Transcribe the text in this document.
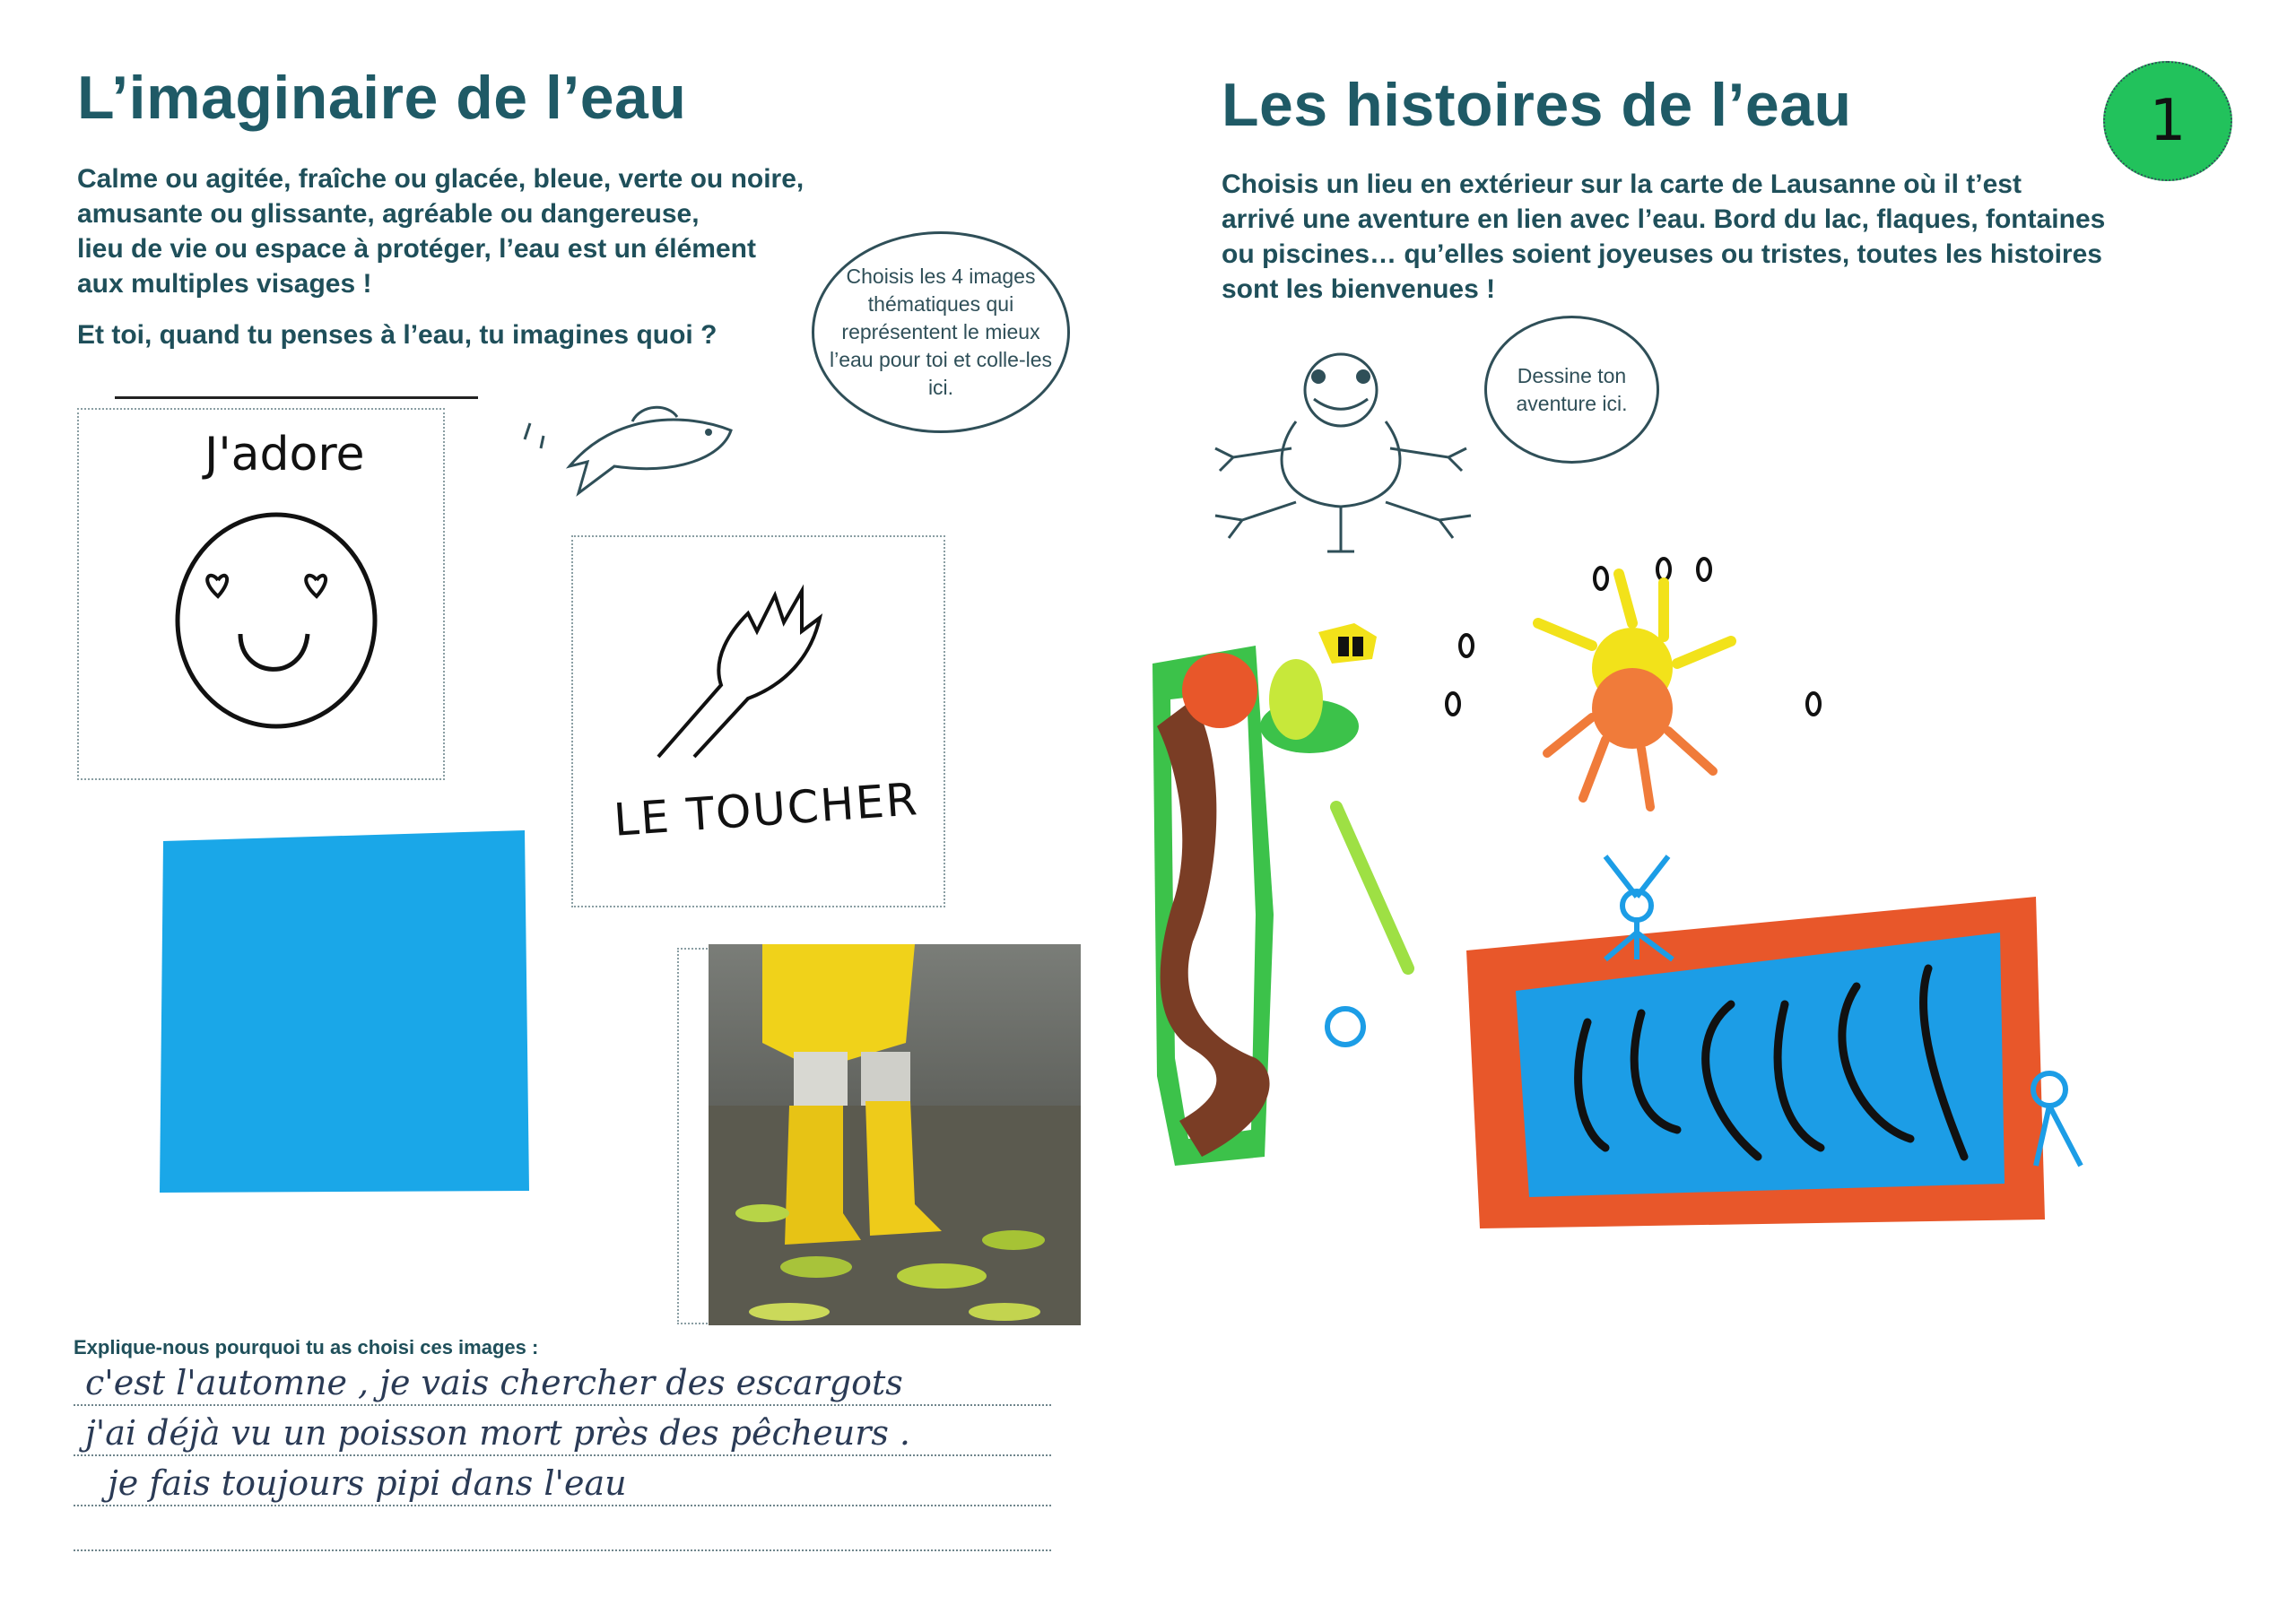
L’imaginaire de l’eau

Calme ou agitée, fraîche ou glacée, bleue, verte ou noire,

amusante ou glissante, agréable ou dangereuse,

lieu de vie ou espace à protéger, l’eau est un élément

aux multiples visages !

Et toi, quand tu penses à l’eau, tu imagines quoi ?

Choisis les 4 images thématiques qui représentent le mieux l’eau pour toi et colle-les ici.
J'adore
LE TOUCHER
Explique-nous pourquoi tu as choisi ces images :
c'est l'automne , je vais chercher des escargots
j'ai déjà vu un poisson mort près des pêcheurs .
je fais toujours pipi dans l'eau
Les histoires de l’eau	1

Choisis un lieu en extérieur sur la carte de Lausanne où il t’est

arrivé une aventure en lien avec l’eau. Bord du lac, flaques, fontaines

ou piscines… qu’elles soient joyeuses ou tristes, toutes les histoires

sont les bienvenues !

Dessine ton aventure ici.
